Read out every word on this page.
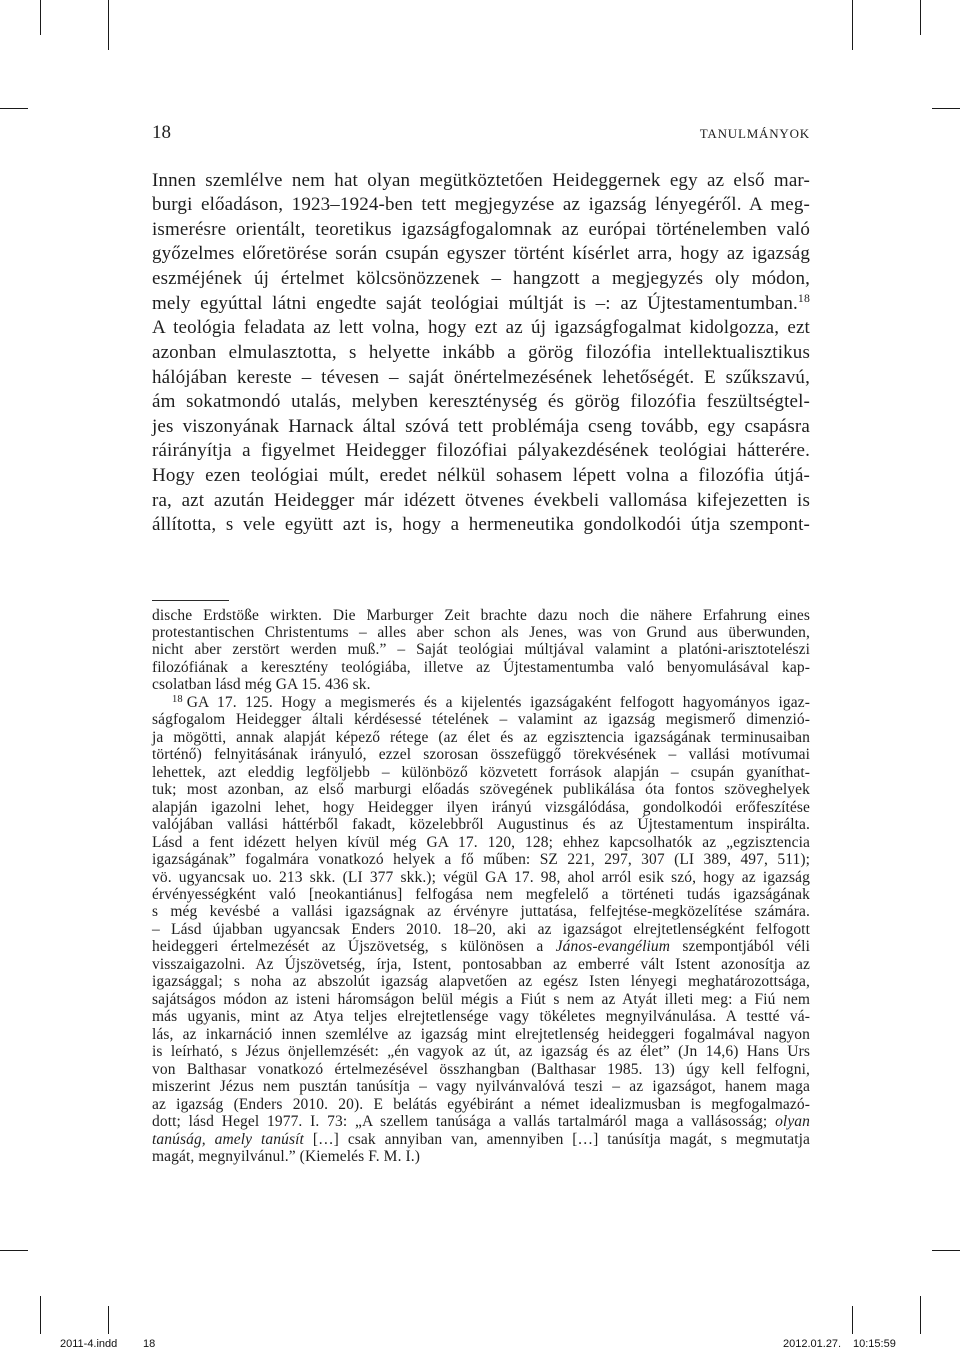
18	TANULMÁNYOK
Innen szemlélve nem hat olyan megütköztetően Heideggernek egy az első mar-
burgi előadáson, 1923–1924-ben tett megjegyzése az igazság lényegéről. A meg-
ismerésre orientált, teoretikus igazságfogalomnak az európai történelemben való
győzelmes előretörése során csupán egyszer történt kísérlet arra, hogy az igazság
eszméjének új értelmet kölcsönözzenek – hangzott a megjegyzés oly módon,
mely egyúttal látni engedte saját teológiai múltját is –: az Újtestamentumban.$^{18}$
A teológia feladata az lett volna, hogy ezt az új igazságfogalmat kidolgozza, ezt
azonban elmulasztotta, s helyette inkább a görög filozófia intellektualisztikus
hálójában kereste – tévesen – saját önértelmezésének lehetőségét. E szűkszavú,
ám sokatmondó utalás, melyben kereszténység és görög filozófia feszültségtel-
jes viszonyának Harnack által szóvá tett problémája cseng tovább, egy csapásra
ráirányítja a figyelmet Heidegger filozófiai pályakezdésének teológiai hátterére.
Hogy ezen teológiai múlt, eredet nélkül sohasem lépett volna a filozófia útjá-
ra, azt azután Heidegger már idézett ötvenes évekbeli vallomása kifejezetten is
állította, s vele együtt azt is, hogy a hermeneutika gondolkodói útja szempont-
dische Erdstöße wirkten. Die Marburger Zeit brachte dazu noch die nähere Erfahrung eines
protestantischen Christentums – alles aber schon als Jenes, was von Grund aus überwunden,
nicht aber zerstört werden muß.” – Saját teológiai múltjával valamint a platóni-arisztotelészi
filozófiának a keresztény teológiába, illetve az Újtestamentumba való benyomulásával kap-
csolatban lásd még GA 15. 436 sk.
$^{18}$ GA 17. 125. Hogy a megismerés és a kijelentés igazságaként felfogott hagyományos igaz-
ságfogalom Heidegger általi kérdésessé tételének – valamint az igazság megismerő dimenzió-
ja mögötti, annak alapját képező rétege (az élet és az egzisztencia igazságának terminusaiban
történő) felnyitásának irányuló, ezzel szorosan összefüggő törekvésének – vallási motívumai
lehettek, azt eleddig legföljebb – különböző közvetett források alapján – csupán gyaníthat-
tuk; most azonban, az első marburgi előadás szövegének publikálása óta fontos szöveghelyek
alapján igazolni lehet, hogy Heidegger ilyen irányú vizsgálódása, gondolkodói erőfeszítése
valójában vallási háttérből fakadt, közelebbről Augustinus és az Újtestamentum inspirálta.
Lásd a fent idézett helyen kívül még GA 17. 120, 128; ehhez kapcsolhatók az „egzisztencia
igazságának” fogalmára vonatkozó helyek a fő műben: SZ 221, 297, 307 (LI 389, 497, 511);
vö. ugyancsak uo. 213 skk. (LI 377 skk.); végül GA 17. 98, ahol arról esik szó, hogy az igazság
érvényességként való [neokantiánus] felfogása nem megfelelő a történeti tudás igazságának
s még kevésbé a vallási igazságnak az érvényre juttatása, felfejtése-megközelítése számára.
– Lásd újabban ugyancsak Enders 2010. 18–20, aki az igazságot elrejtetlenségként felfogott
heideggeri értelmezését az Újszövetség, s különösen a János-evangélium szempontjából véli
visszaigazolni. Az Újszövetség, írja, Istent, pontosabban az emberré vált Istent azonosítja az
igazsággal; s noha az abszolút igazság alapvetően az egész Isten lényegi meghatározottsága,
sajátságos módon az isteni háromságon belül mégis a Fiút s nem az Atyát illeti meg: a Fiú nem
más ugyanis, mint az Atya teljes elrejtetlensége vagy tökéletes megnyilvánulása. A testté vá-
lás, az inkarnáció innen szemlélve az igazság mint elrejtetlenség heideggeri fogalmával nagyon
is leírható, s Jézus önjellemzését: „én vagyok az út, az igazság és az élet” (Jn 14,6) Hans Urs
von Balthasar vonatkozó értelmezésével összhangban (Balthasar 1985. 13) úgy kell felfogni,
miszerint Jézus nem pusztán tanúsítja – vagy nyilvánvalóvá teszi – az igazságot, hanem maga
az igazság (Enders 2010. 20). E belátás egyébiránt a német idealizmusban is megfogalmazó-
dott; lásd Hegel 1977. I. 73: „A szellem tanúsága a vallás tartalmáról maga a vallásosság; olyan
tanúság, amely tanúsít […] csak annyiban van, amennyiben […] tanúsítja magát, s megmutatja
magát, megnyilvánul.” (Kiemelés F. M. I.)
2011-4.indd 18	2012.01.27. 10:15:59
